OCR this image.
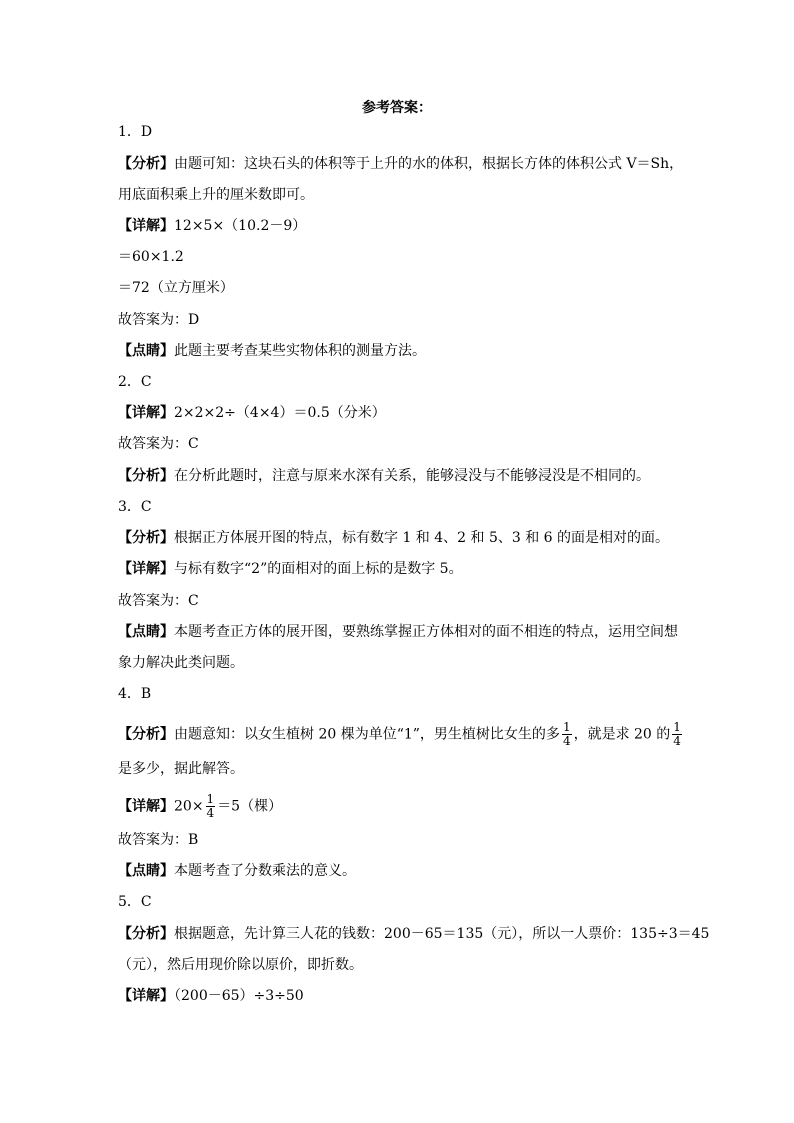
参考答案：
1．D
【分析】由题可知：这块石头的体积等于上升的水的体积，根据长方体的体积公式 V＝Sh，
用底面积乘上升的厘米数即可。
【详解】12×5×（10.2－9）
＝60×1.2
＝72（立方厘米）
故答案为：D
【点睛】此题主要考查某些实物体积的测量方法。
2．C
【详解】2×2×2÷（4×4）＝0.5（分米）
故答案为：C
【分析】在分析此题时，注意与原来水深有关系，能够浸没与不能够浸没是不相同的。
3．C
【分析】根据正方体展开图的特点，标有数字 1 和 4、2 和 5、3 和 6 的面是相对的面。
【详解】与标有数字“2”的面相对的面上标的是数字 5。
故答案为：C
【点睛】本题考查正方体的展开图，要熟练掌握正方体相对的面不相连的特点，运用空间想
象力解决此类问题。
4．B
【分析】由题意知：以女生植树 20 棵为单位“1”，男生植树比女生的多 $\frac{1}{4}$ ，就是求 20 的 $\frac{1}{4}$
是多少，据此解答。
【详解】$20\times \frac{1}{4} =5$（棵）
故答案为：B
【点睛】本题考查了分数乘法的意义。
5．C
【分析】根据题意，先计算三人花的钱数：200－65＝135（元），所以一人票价：135÷3＝45
（元），然后用现价除以原价，即折数。
【详解】（200－65）÷3÷50
